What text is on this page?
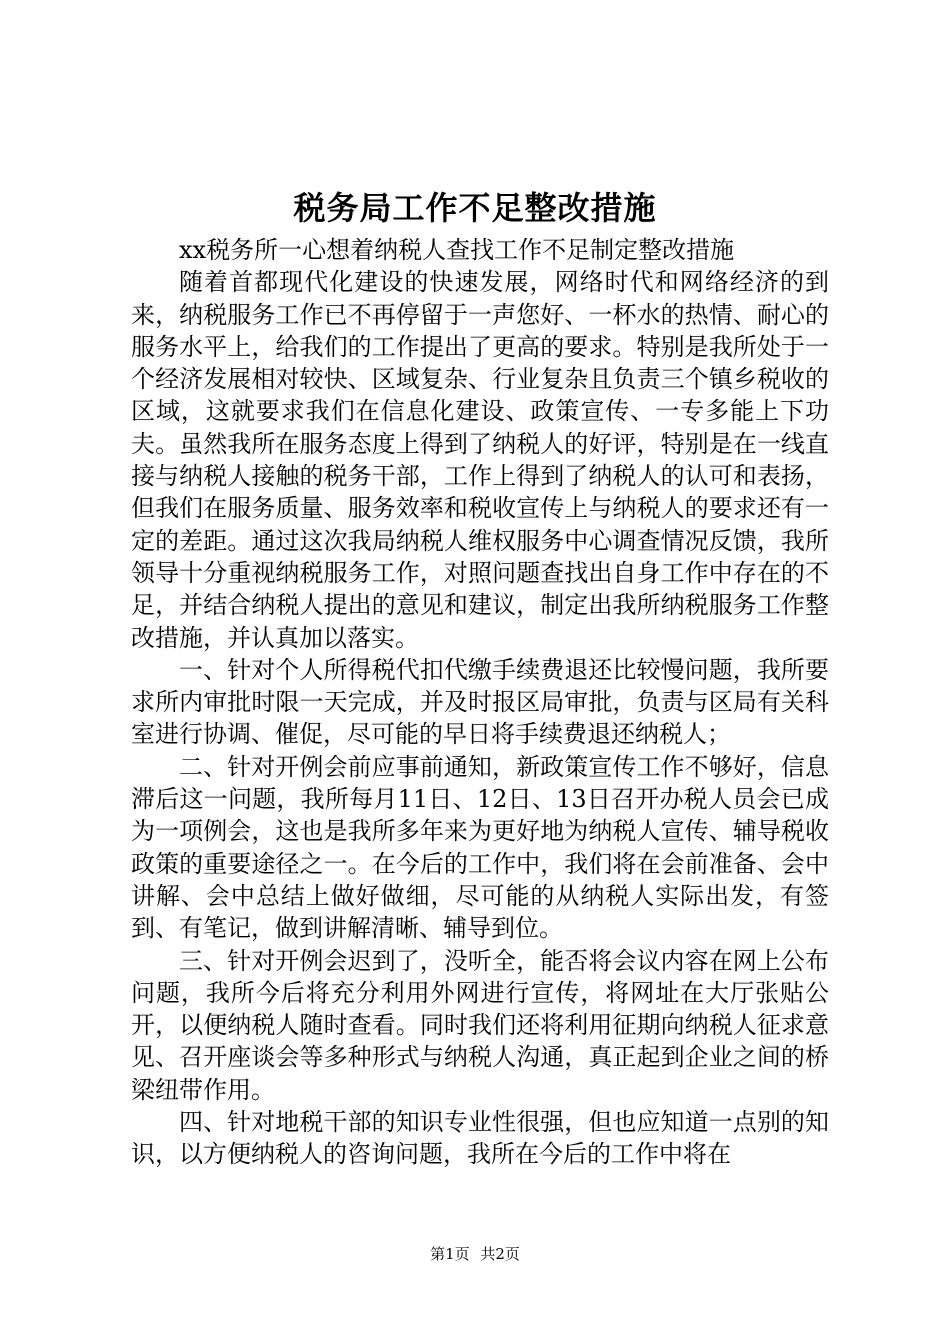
税务局工作不足整改措施

xx税务所一心想着纳税人查找工作不足制定整改措施

随着首都现代化建设的快速发展，网络时代和网络经济的到来，纳税服务工作已不再停留于一声您好、一杯水的热情、耐心的服务水平上，给我们的工作提出了更高的要求。特别是我所处于一个经济发展相对较快、区域复杂、行业复杂且负责三个镇乡税收的区域，这就要求我们在信息化建设、政策宣传、一专多能上下功夫。虽然我所在服务态度上得到了纳税人的好评，特别是在一线直接与纳税人接触的税务干部，工作上得到了纳税人的认可和表扬，但我们在服务质量、服务效率和税收宣传上与纳税人的要求还有一定的差距。通过这次我局纳税人维权服务中心调查情况反馈，我所领导十分重视纳税服务工作，对照问题查找出自身工作中存在的不足，并结合纳税人提出的意见和建议，制定出我所纳税服务工作整改措施，并认真加以落实。

一、针对个人所得税代扣代缴手续费退还比较慢问题，我所要求所内审批时限一天完成，并及时报区局审批，负责与区局有关科室进行协调、催促，尽可能的早日将手续费退还纳税人；

二、针对开例会前应事前通知，新政策宣传工作不够好，信息滞后这一问题，我所每月11日、12日、13日召开办税人员会已成为一项例会，这也是我所多年来为更好地为纳税人宣传、辅导税收政策的重要途径之一。在今后的工作中，我们将在会前准备、会中讲解、会中总结上做好做细，尽可能的从纳税人实际出发，有签到、有笔记，做到讲解清晰、辅导到位。

三、针对开例会迟到了，没听全，能否将会议内容在网上公布问题，我所今后将充分利用外网进行宣传，将网址在大厅张贴公开，以便纳税人随时查看。同时我们还将利用征期向纳税人征求意见、召开座谈会等多种形式与纳税人沟通，真正起到企业之间的桥梁纽带作用。

四、针对地税干部的知识专业性很强，但也应知道一点别的知识，以方便纳税人的咨询问题，我所在今后的工作中将在

第1页 共2页
